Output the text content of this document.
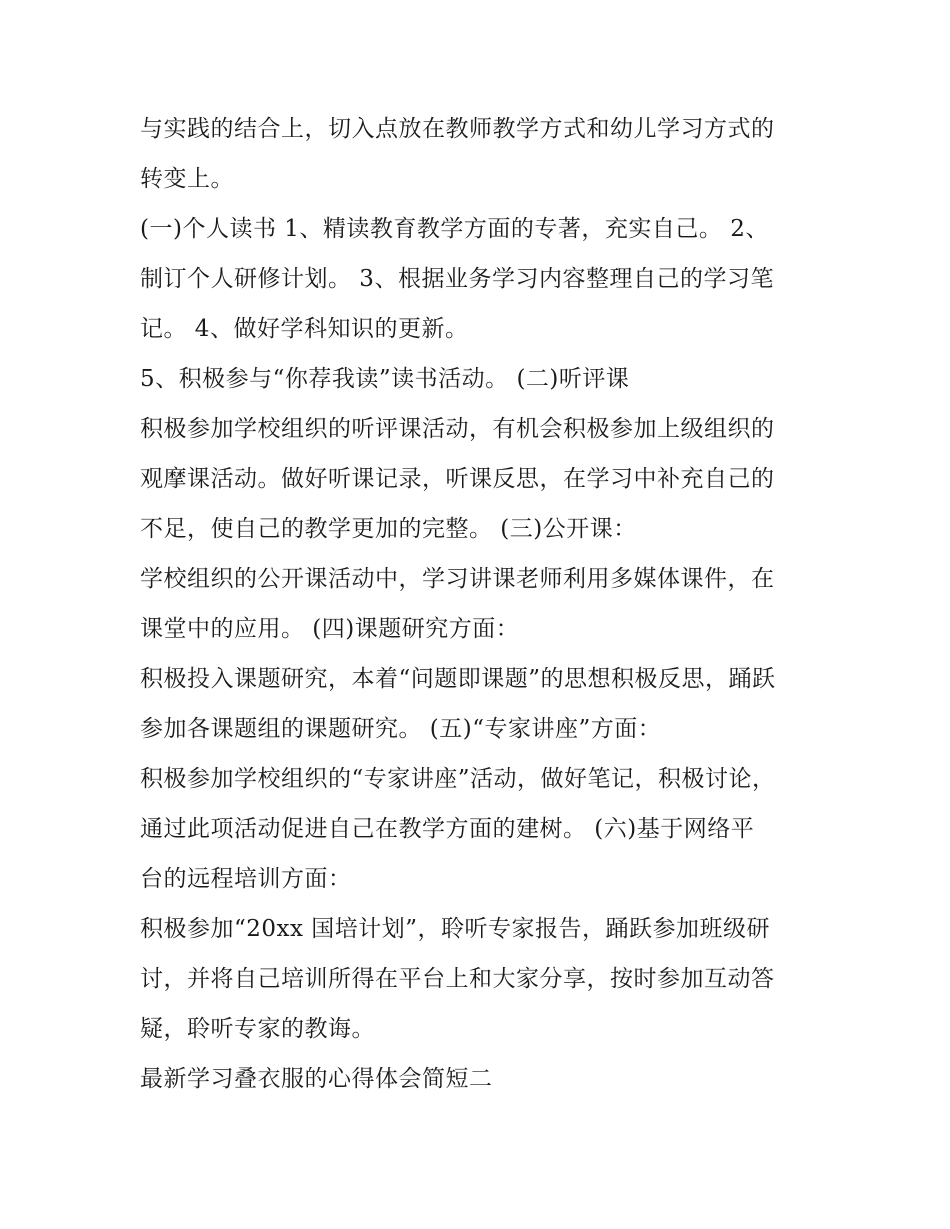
与实践的结合上，切入点放在教师教学方式和幼儿学习方式的
转变上。
(一)个人读书 1、精读教育教学方面的专著，充实自己。 2、
制订个人研修计划。 3、根据业务学习内容整理自己的学习笔
记。 4、做好学科知识的更新。
5、积极参与“你荐我读”读书活动。 (二)听评课
积极参加学校组织的听评课活动，有机会积极参加上级组织的
观摩课活动。做好听课记录，听课反思，在学习中补充自己的
不足，使自己的教学更加的完整。 (三)公开课：
学校组织的公开课活动中，学习讲课老师利用多媒体课件，在
课堂中的应用。 (四)课题研究方面：
积极投入课题研究，本着“问题即课题”的思想积极反思，踊跃
参加各课题组的课题研究。 (五)“专家讲座”方面：
积极参加学校组织的“专家讲座”活动，做好笔记，积极讨论，
通过此项活动促进自己在教学方面的建树。 (六)基于网络平
台的远程培训方面：
积极参加“20xx 国培计划”，聆听专家报告，踊跃参加班级研
讨，并将自己培训所得在平台上和大家分享，按时参加互动答
疑，聆听专家的教诲。
最新学习叠衣服的心得体会简短二
